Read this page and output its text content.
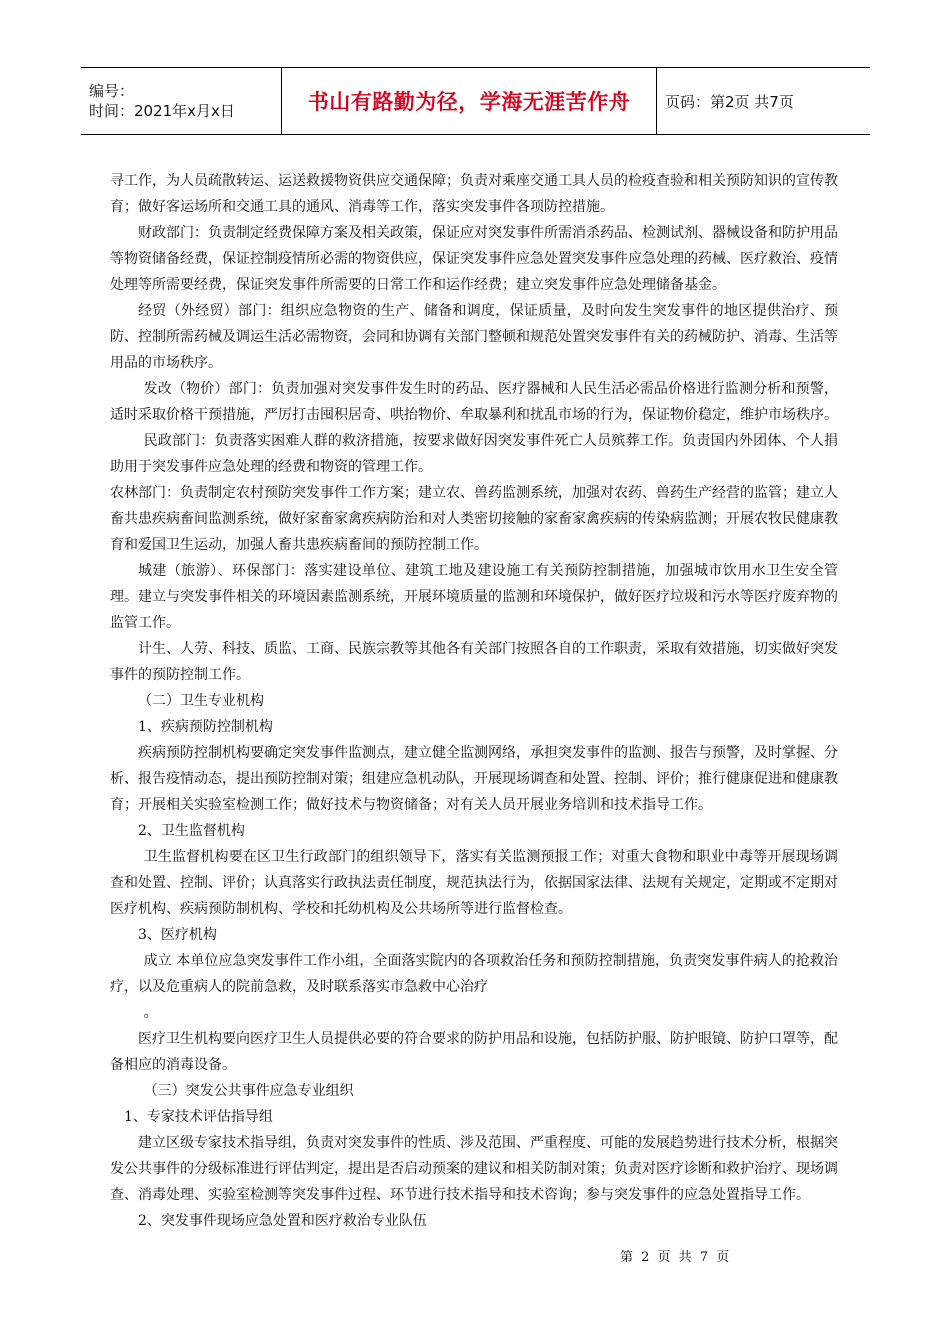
编号：
时间：2021年x月x日	书山有路勤为径，学海无涯苦作舟	页码：第2页 共7页

寻工作，为人员疏散转运、运送救援物资供应交通保障；负责对乘座交通工具人员的检疫查验和相关预防知识的宣传教育；做好客运场所和交通工具的通风、消毒等工作，落实突发事件各项防控措施。

财政部门：负责制定经费保障方案及相关政策，保证应对突发事件所需消杀药品、检测试剂、器械设备和防护用品等物资储备经费，保证控制疫情所必需的物资供应，保证突发事件应急处置突发事件应急处理的药械、医疗救治、疫情处理等所需要经费，保证突发事件所需要的日常工作和运作经费；建立突发事件应急处理储备基金。

经贸（外经贸）部门：组织应急物资的生产、储备和调度，保证质量，及时向发生突发事件的地区提供治疗、预防、控制所需药械及调运生活必需物资，会同和协调有关部门整顿和规范处置突发事件有关的药械防护、消毒、生活等用品的市场秩序。

发改（物价）部门：负责加强对突发事件发生时的药品、医疗器械和人民生活必需品价格进行监测分析和预警，适时采取价格干预措施，严厉打击囤积居奇、哄抬物价、牟取暴利和扰乱市场的行为，保证物价稳定，维护市场秩序。

民政部门：负责落实困难人群的救济措施，按要求做好因突发事件死亡人员殡葬工作。负责国内外团体、个人捐助用于突发事件应急处理的经费和物资的管理工作。

农林部门：负责制定农村预防突发事件工作方案；建立农、兽药监测系统，加强对农药、兽药生产经营的监管；建立人畜共患疾病畜间监测系统，做好家畜家禽疾病防治和对人类密切接触的家畜家禽疾病的传染病监测；开展农牧民健康教育和爱国卫生运动，加强人畜共患疾病畜间的预防控制工作。

城建（旅游）、环保部门：落实建设单位、建筑工地及建设施工有关预防控制措施，加强城市饮用水卫生安全管理。建立与突发事件相关的环境因素监测系统，开展环境质量的监测和环境保护，做好医疗垃圾和污水等医疗废弃物的监管工作。

计生、人劳、科技、质监、工商、民族宗教等其他各有关部门按照各自的工作职责，采取有效措施，切实做好突发事件的预防控制工作。

（二）卫生专业机构

1、疾病预防控制机构

疾病预防控制机构要确定突发事件监测点，建立健全监测网络，承担突发事件的监测、报告与预警，及时掌握、分析、报告疫情动态，提出预防控制对策；组建应急机动队，开展现场调查和处置、控制、评价；推行健康促进和健康教育；开展相关实验室检测工作；做好技术与物资储备；对有关人员开展业务培训和技术指导工作。

2、卫生监督机构

卫生监督机构要在区卫生行政部门的组织领导下，落实有关监测预报工作；对重大食物和职业中毒等开展现场调查和处置、控制、评价；认真落实行政执法责任制度，规范执法行为，依据国家法律、法规有关规定，定期或不定期对医疗机构、疾病预防制机构、学校和托幼机构及公共场所等进行监督检查。

3、医疗机构

成立 本单位应急突发事件工作小组，全面落实院内的各项救治任务和预防控制措施，负责突发事件病人的抢救治疗，以及危重病人的院前急救，及时联系落实市急救中心治疗

。

医疗卫生机构要向医疗卫生人员提供必要的符合要求的防护用品和设施，包括防护服、防护眼镜、防护口罩等，配备相应的消毒设备。

（三）突发公共事件应急专业组织

1、专家技术评估指导组

建立区级专家技术指导组，负责对突发事件的性质、涉及范围、严重程度、可能的发展趋势进行技术分析，根据突发公共事件的分级标准进行评估判定，提出是否启动预案的建议和相关防制对策；负责对医疗诊断和救护治疗、现场调查、消毒处理、实验室检测等突发事件过程、环节进行技术指导和技术咨询；参与突发事件的应急处置指导工作。

2、突发事件现场应急处置和医疗救治专业队伍

第 2 页 共 7 页
